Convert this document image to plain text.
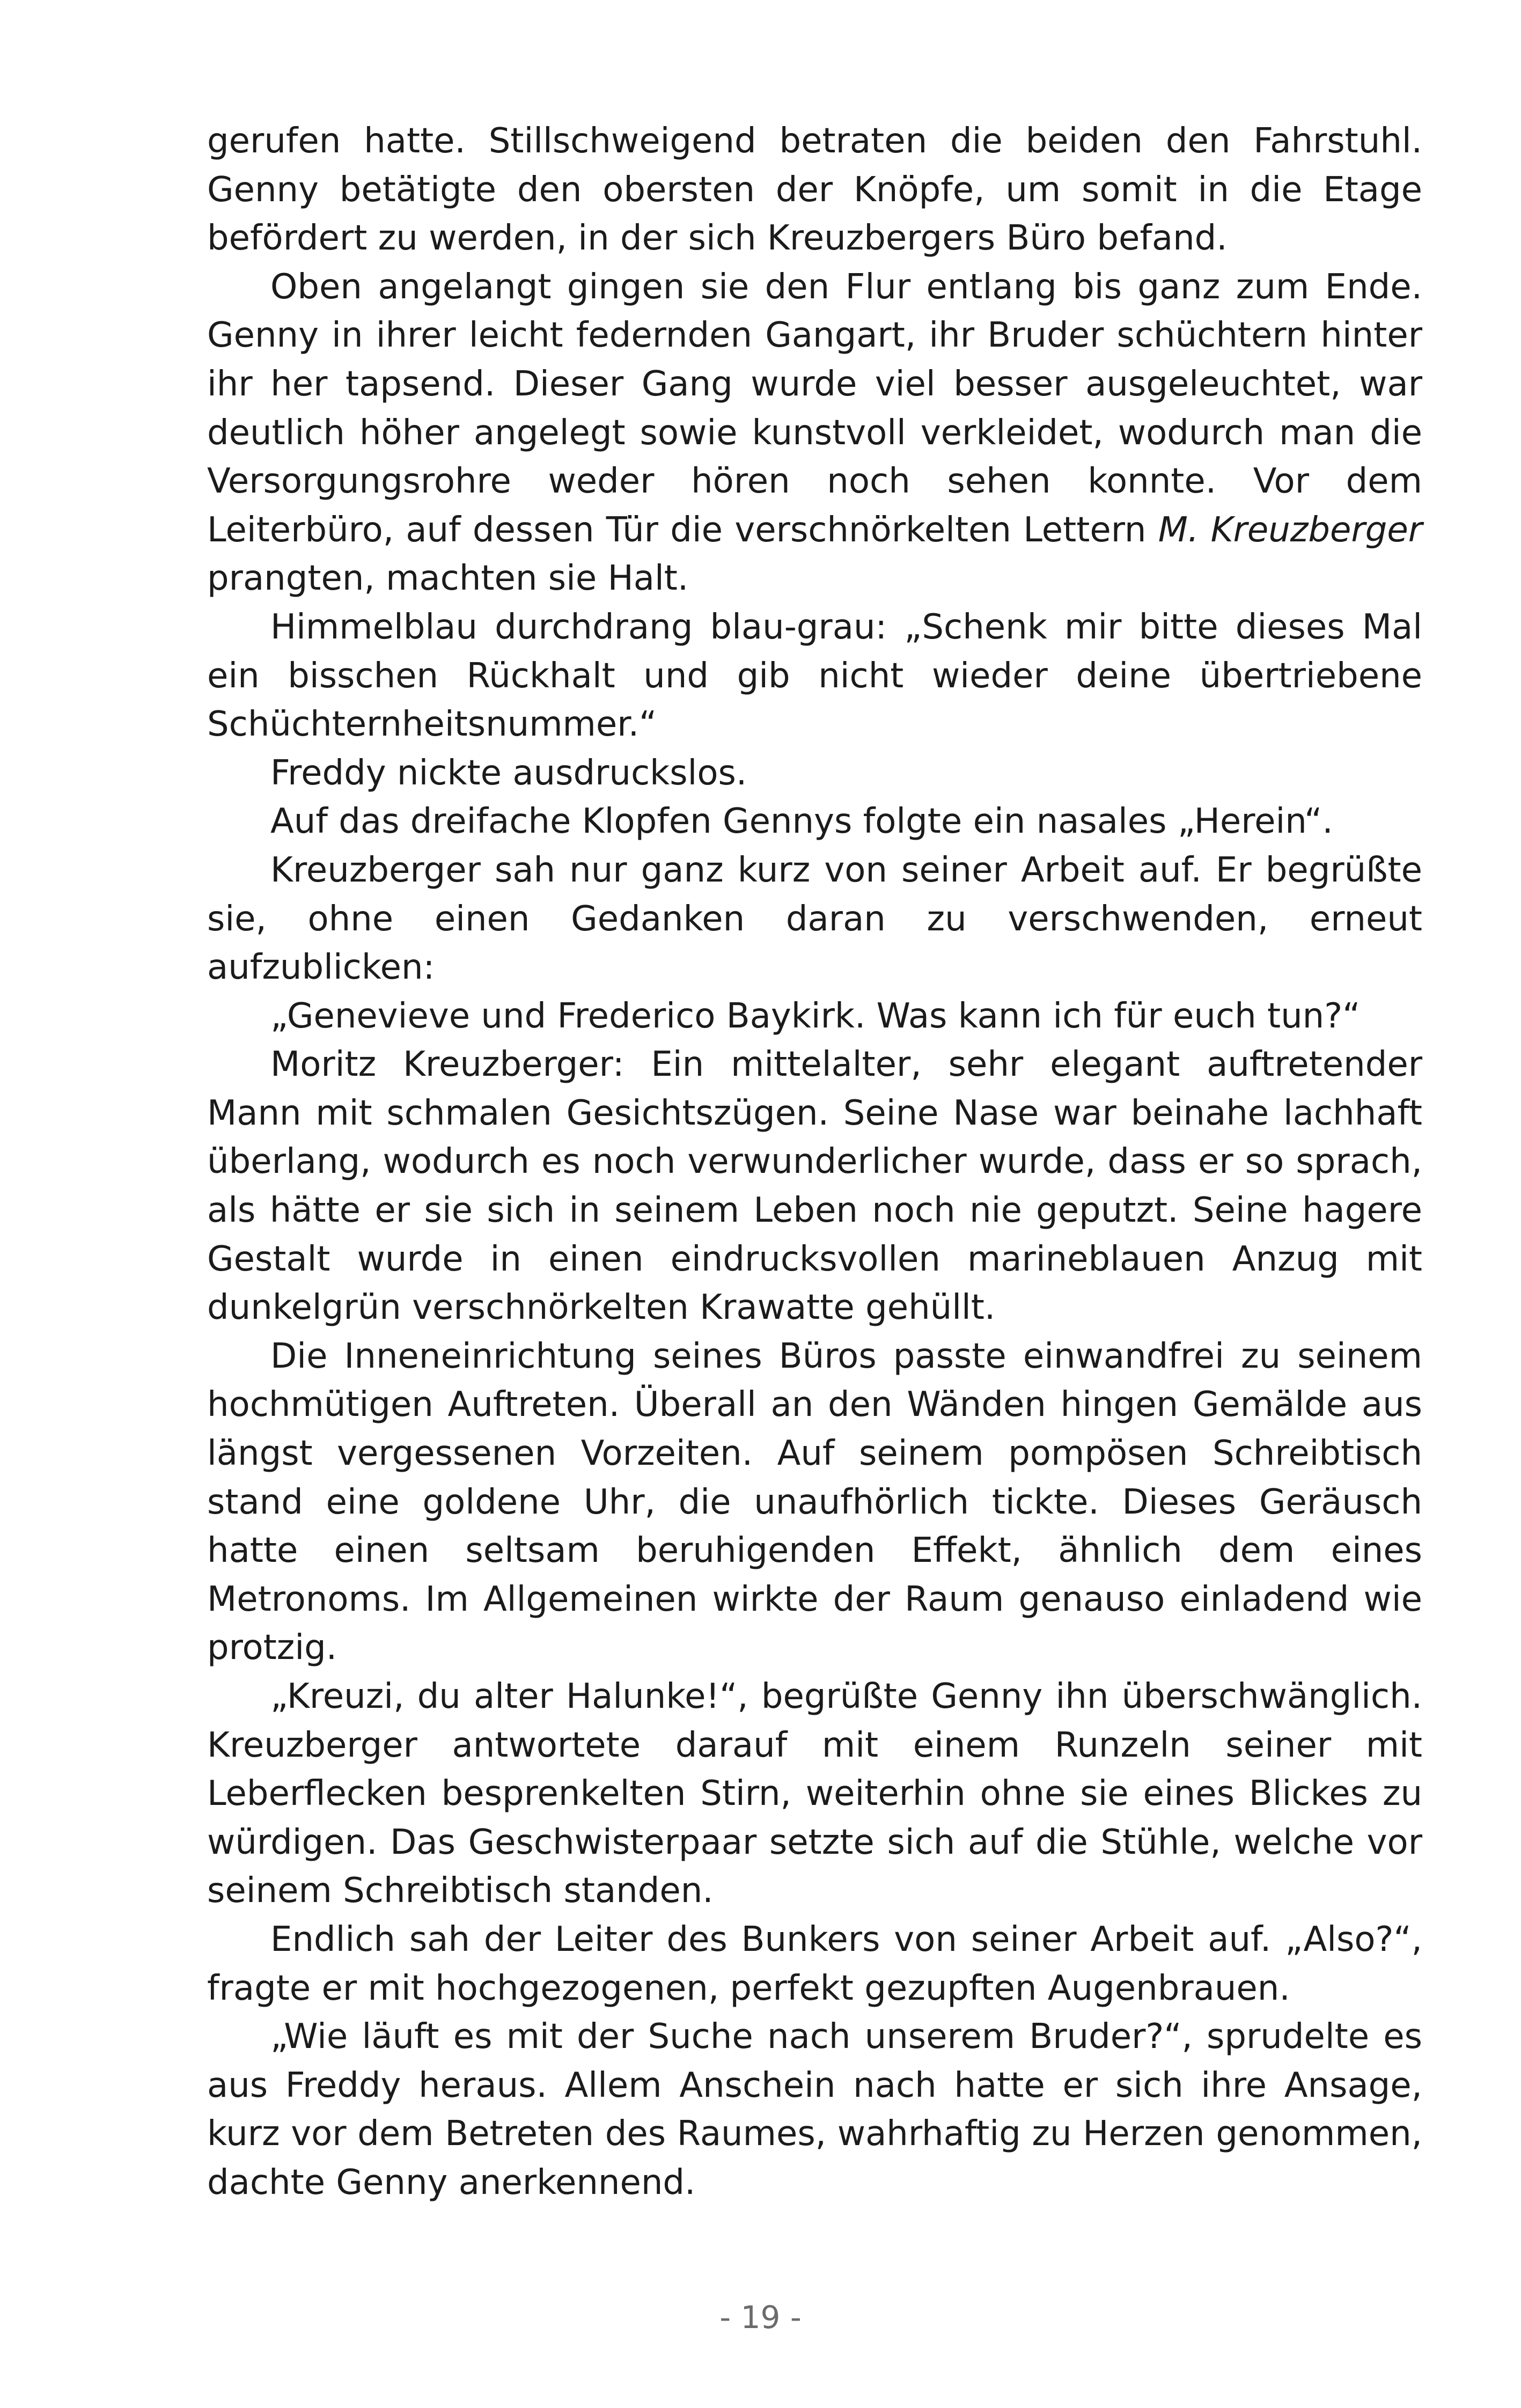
gerufen hatte. Stillschweigend betraten die beiden den Fahrstuhl. Genny betätigte den obersten der Knöpfe, um somit in die Etage befördert zu werden, in der sich Kreuzbergers Büro befand.

Oben angelangt gingen sie den Flur entlang bis ganz zum Ende. Genny in ihrer leicht federnden Gangart, ihr Bruder schüchtern hinter ihr her tapsend. Dieser Gang wurde viel besser ausgeleuchtet, war deutlich höher angelegt sowie kunstvoll verkleidet, wodurch man die Versorgungsrohre weder hören noch sehen konnte. Vor dem Leiterbüro, auf dessen Tür die verschnörkelten Lettern M. Kreuzberger prangten, machten sie Halt.

Himmelblau durchdrang blau-grau: „Schenk mir bitte dieses Mal ein bisschen Rückhalt und gib nicht wieder deine übertriebene Schüchternheitsnummer.“

Freddy nickte ausdruckslos.

Auf das dreifache Klopfen Gennys folgte ein nasales „Herein“.

Kreuzberger sah nur ganz kurz von seiner Arbeit auf. Er begrüßte sie, ohne einen Gedanken daran zu verschwenden, erneut aufzublicken:

„Genevieve und Frederico Baykirk. Was kann ich für euch tun?“

Moritz Kreuzberger: Ein mittelalter, sehr elegant auftretender Mann mit schmalen Gesichtszügen. Seine Nase war beinahe lachhaft überlang, wodurch es noch verwunderlicher wurde, dass er so sprach, als hätte er sie sich in seinem Leben noch nie geputzt. Seine hagere Gestalt wurde in einen eindrucksvollen marineblauen Anzug mit dunkelgrün verschnörkelten Krawatte gehüllt.

Die Inneneinrichtung seines Büros passte einwandfrei zu seinem hochmütigen Auftreten. Überall an den Wänden hingen Gemälde aus längst vergessenen Vorzeiten. Auf seinem pompösen Schreibtisch stand eine goldene Uhr, die unaufhörlich tickte. Dieses Geräusch hatte einen seltsam beruhigenden Effekt, ähnlich dem eines Metronoms. Im Allgemeinen wirkte der Raum genauso einladend wie protzig.

„Kreuzi, du alter Halunke!“, begrüßte Genny ihn überschwänglich. Kreuzberger antwortete darauf mit einem Runzeln seiner mit Leberflecken besprenkelten Stirn, weiterhin ohne sie eines Blickes zu würdigen. Das Geschwisterpaar setzte sich auf die Stühle, welche vor seinem Schreibtisch standen.

Endlich sah der Leiter des Bunkers von seiner Arbeit auf. „Also?“, fragte er mit hochgezogenen, perfekt gezupften Augenbrauen.

„Wie läuft es mit der Suche nach unserem Bruder?“, sprudelte es aus Freddy heraus. Allem Anschein nach hatte er sich ihre Ansage, kurz vor dem Betreten des Raumes, wahrhaftig zu Herzen genommen, dachte Genny anerkennend.

- 19 -
